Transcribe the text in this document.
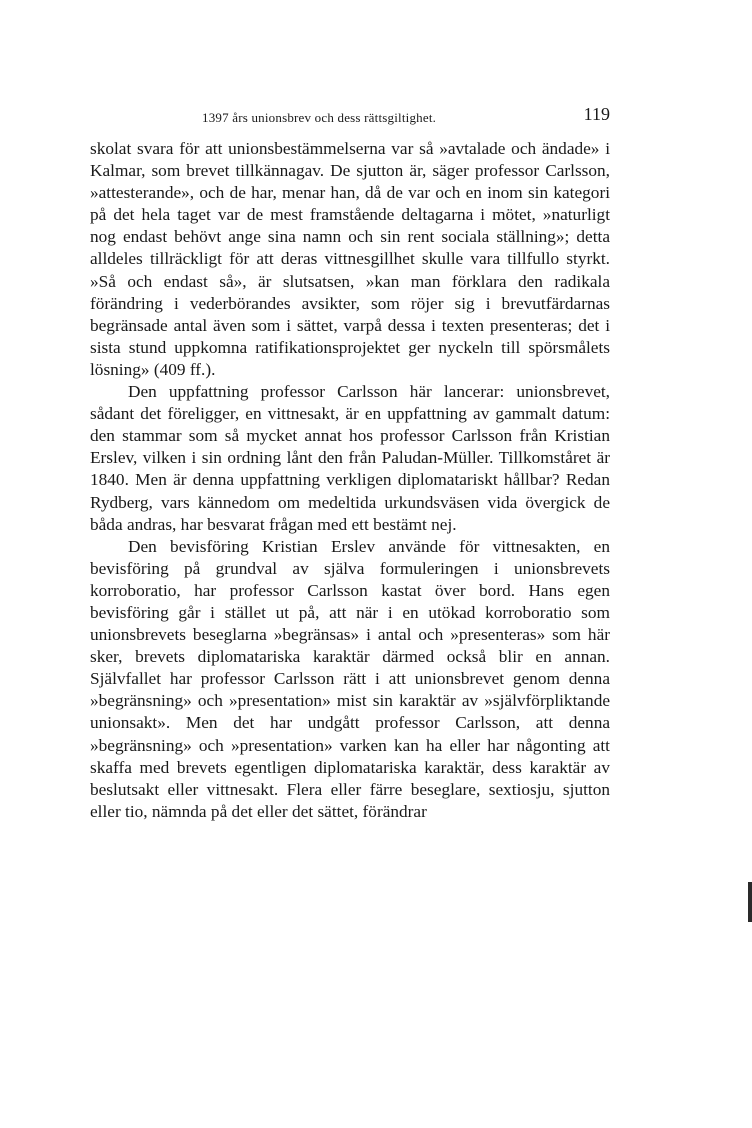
1397 års unionsbrev och dess rättsgiltighet.	119

skolat svara för att unionsbestämmelserna var så »avtalade och ändade» i Kalmar, som brevet tillkännagav. De sjutton är, säger professor Carlsson, »attesterande», och de har, menar han, då de var och en inom sin kategori på det hela taget var de mest framstående deltagarna i mötet, »naturligt nog endast behövt ange sina namn och sin rent sociala ställning»; detta alldeles tillräckligt för att deras vittnesgillhet skulle vara tillfullo styrkt. »Så och endast så», är slutsatsen, »kan man förklara den radikala förändring i vederbörandes avsikter, som röjer sig i brevutfärdarnas begränsade antal även som i sättet, varpå dessa i texten presenteras; det i sista stund uppkomna ratifikationsprojektet ger nyckeln till spörsmålets lösning» (409 ff.).

Den uppfattning professor Carlsson här lancerar: unionsbrevet, sådant det föreligger, en vittnesakt, är en uppfattning av gammalt datum: den stammar som så mycket annat hos professor Carlsson från Kristian Erslev, vilken i sin ordning lånt den från Paludan-Müller. Tillkomståret är 1840. Men är denna uppfattning verkligen diplomatariskt hållbar? Redan Rydberg, vars kännedom om medeltida urkundsväsen vida övergick de båda andras, har besvarat frågan med ett bestämt nej.

Den bevisföring Kristian Erslev använde för vittnesakten, en bevisföring på grundval av själva formuleringen i unionsbrevets korroboratio, har professor Carlsson kastat över bord. Hans egen bevisföring går i stället ut på, att när i en utökad korroboratio som unionsbrevets beseglarna »begränsas» i antal och »presenteras» som här sker, brevets diplomatariska karaktär därmed också blir en annan. Självfallet har professor Carlsson rätt i att unionsbrevet genom denna »begränsning» och »presentation» mist sin karaktär av »självförpliktande unionsakt». Men det har undgått professor Carlsson, att denna »begränsning» och »presentation» varken kan ha eller har någonting att skaffa med brevets egentligen diplomatariska karaktär, dess karaktär av beslutsakt eller vittnesakt. Flera eller färre beseglare, sextiosju, sjutton eller tio, nämnda på det eller det sättet, förändrar
